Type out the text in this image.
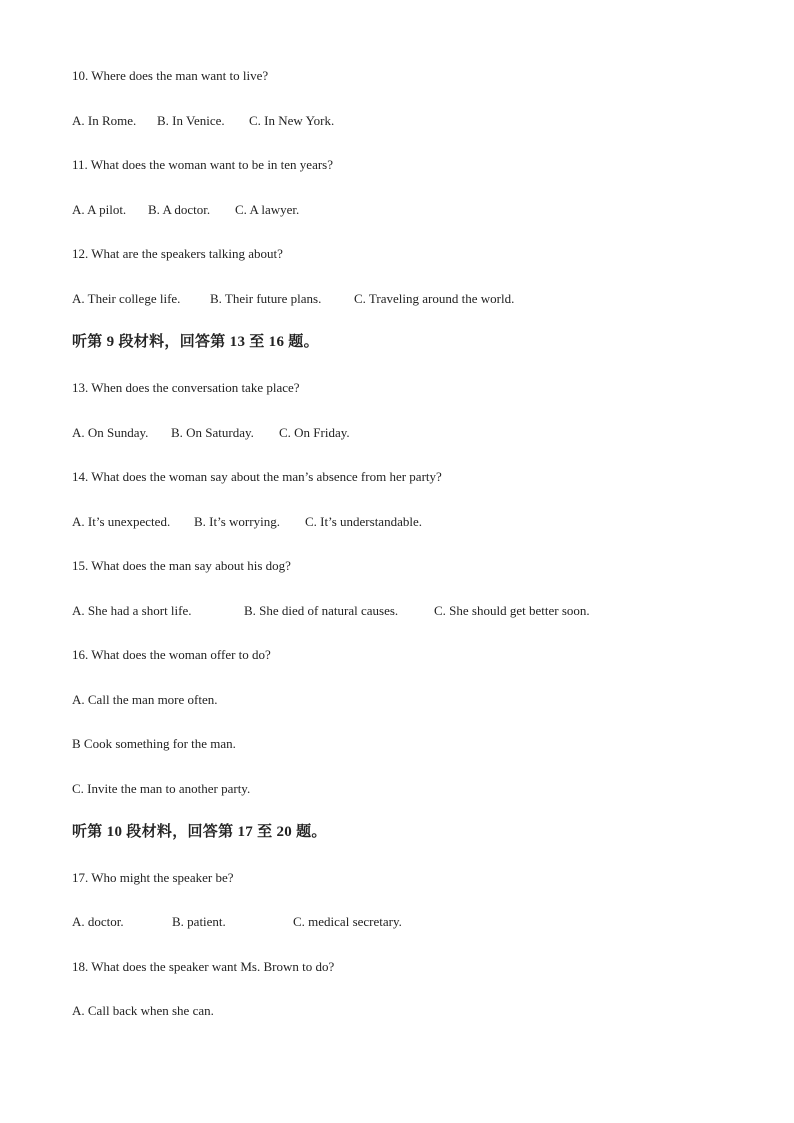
10. Where does the man want to live?
A. In Rome. B. In Venice. C. In New York.
11. What does the woman want to be in ten years?
A. A pilot. B. A doctor. C. A lawyer.
12. What are the speakers talking about?
A. Their college life. B. Their future plans.	C. Traveling around the world.
听第 9 段材料，回答第 13 至 16 题。
13. When does the conversation take place?
A. On Sunday. B. On Saturday. C. On Friday.
14. What does the woman say about the man’s absence from her party?
A. It’s unexpected. B. It’s worrying. C. It’s understandable.
15. What does the man say about his dog?
A. She had a short life.	B. She died of natural causes.	C. She should get better soon.
16. What does the woman offer to do?
A. Call the man more often.
B Cook something for the man.
C. Invite the man to another party.
听第 10 段材料，回答第 17 至 20 题。
17. Who might the speaker be?
A. doctor.	B. patient.	C. medical secretary.
18. What does the speaker want Ms. Brown to do?
A. Call back when she can.
